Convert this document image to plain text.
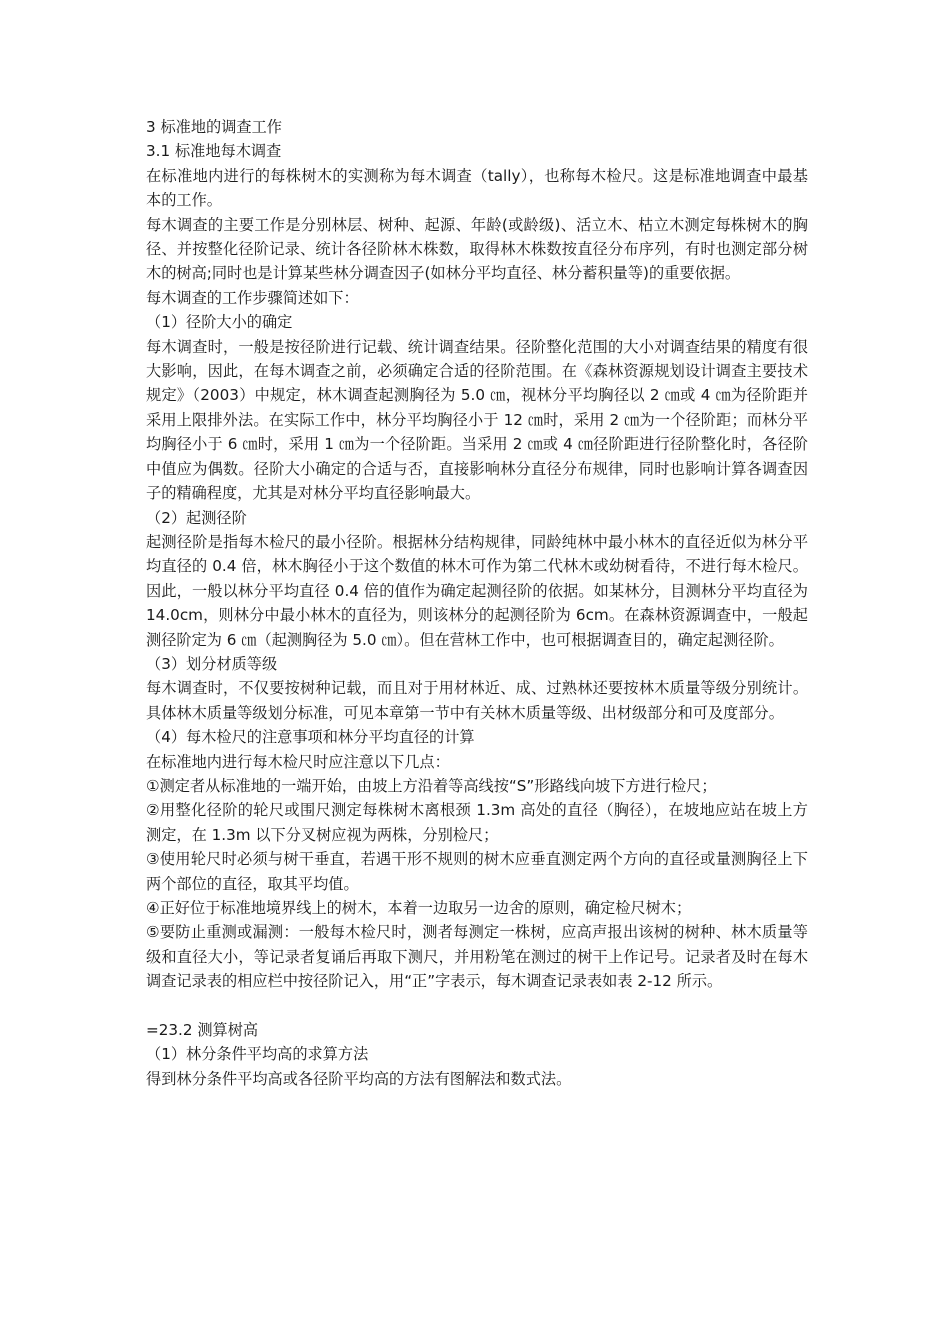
3 标准地的调查工作

3.1 标准地每木调查

在标准地内进行的每株树木的实测称为每木调查（tally），也称每木检尺。这是标准地调查中最基本的工作。

每木调查的主要工作是分别林层、树种、起源、年龄(或龄级)、活立木、枯立木测定每株树木的胸径、并按整化径阶记录、统计各径阶林木株数，取得林木株数按直径分布序列，有时也测定部分树木的树高;同时也是计算某些林分调查因子(如林分平均直径、林分蓄积量等)的重要依据。

每木调查的工作步骤简述如下：

（1）径阶大小的确定

每木调查时，一般是按径阶进行记载、统计调查结果。径阶整化范围的大小对调查结果的精度有很大影响，因此，在每木调查之前，必须确定合适的径阶范围。在《森林资源规划设计调查主要技术规定》（2003）中规定，林木调查起测胸径为 5.0 ㎝，视林分平均胸径以 2 ㎝或 4 ㎝为径阶距并采用上限排外法。在实际工作中，林分平均胸径小于 12 ㎝时，采用 2 ㎝为一个径阶距；而林分平均胸径小于 6 ㎝时，采用 1 ㎝为一个径阶距。当采用 2 ㎝或 4 ㎝径阶距进行径阶整化时，各径阶中值应为偶数。径阶大小确定的合适与否，直接影响林分直径分布规律，同时也影响计算各调查因子的精确程度，尤其是对林分平均直径影响最大。

（2）起测径阶

起测径阶是指每木检尺的最小径阶。根据林分结构规律，同龄纯林中最小林木的直径近似为林分平均直径的 0.4 倍，林木胸径小于这个数值的林木可作为第二代林木或幼树看待，不进行每木检尺。因此，一般以林分平均直径 0.4 倍的值作为确定起测径阶的依据。如某林分，目测林分平均直径为 14.0cm，则林分中最小林木的直径为，则该林分的起测径阶为 6cm。在森林资源调查中，一般起测径阶定为 6 ㎝（起测胸径为 5.0 ㎝）。但在营林工作中，也可根据调查目的，确定起测径阶。

（3）划分材质等级

每木调查时，不仅要按树种记载，而且对于用材林近、成、过熟林还要按林木质量等级分别统计。具体林木质量等级划分标准，可见本章第一节中有关林木质量等级、出材级部分和可及度部分。

（4）每木检尺的注意事项和林分平均直径的计算

在标准地内进行每木检尺时应注意以下几点：

①测定者从标准地的一端开始，由坡上方沿着等高线按“S”形路线向坡下方进行检尺；

②用整化径阶的轮尺或围尺测定每株树木离根颈 1.3m 高处的直径（胸径），在坡地应站在坡上方测定，在 1.3m 以下分叉树应视为两株，分别检尺；

③使用轮尺时必须与树干垂直，若遇干形不规则的树木应垂直测定两个方向的直径或量测胸径上下两个部位的直径，取其平均值。

④正好位于标准地境界线上的树木，本着一边取另一边舍的原则，确定检尺树木；

⑤要防止重测或漏测：一般每木检尺时，测者每测定一株树，应高声报出该树的树种、林木质量等级和直径大小，等记录者复诵后再取下测尺，并用粉笔在测过的树干上作记号。记录者及时在每木调查记录表的相应栏中按径阶记入，用“正”字表示，每木调查记录表如表 2-12 所示。

=23.2 测算树高

（1）林分条件平均高的求算方法

得到林分条件平均高或各径阶平均高的方法有图解法和数式法。
